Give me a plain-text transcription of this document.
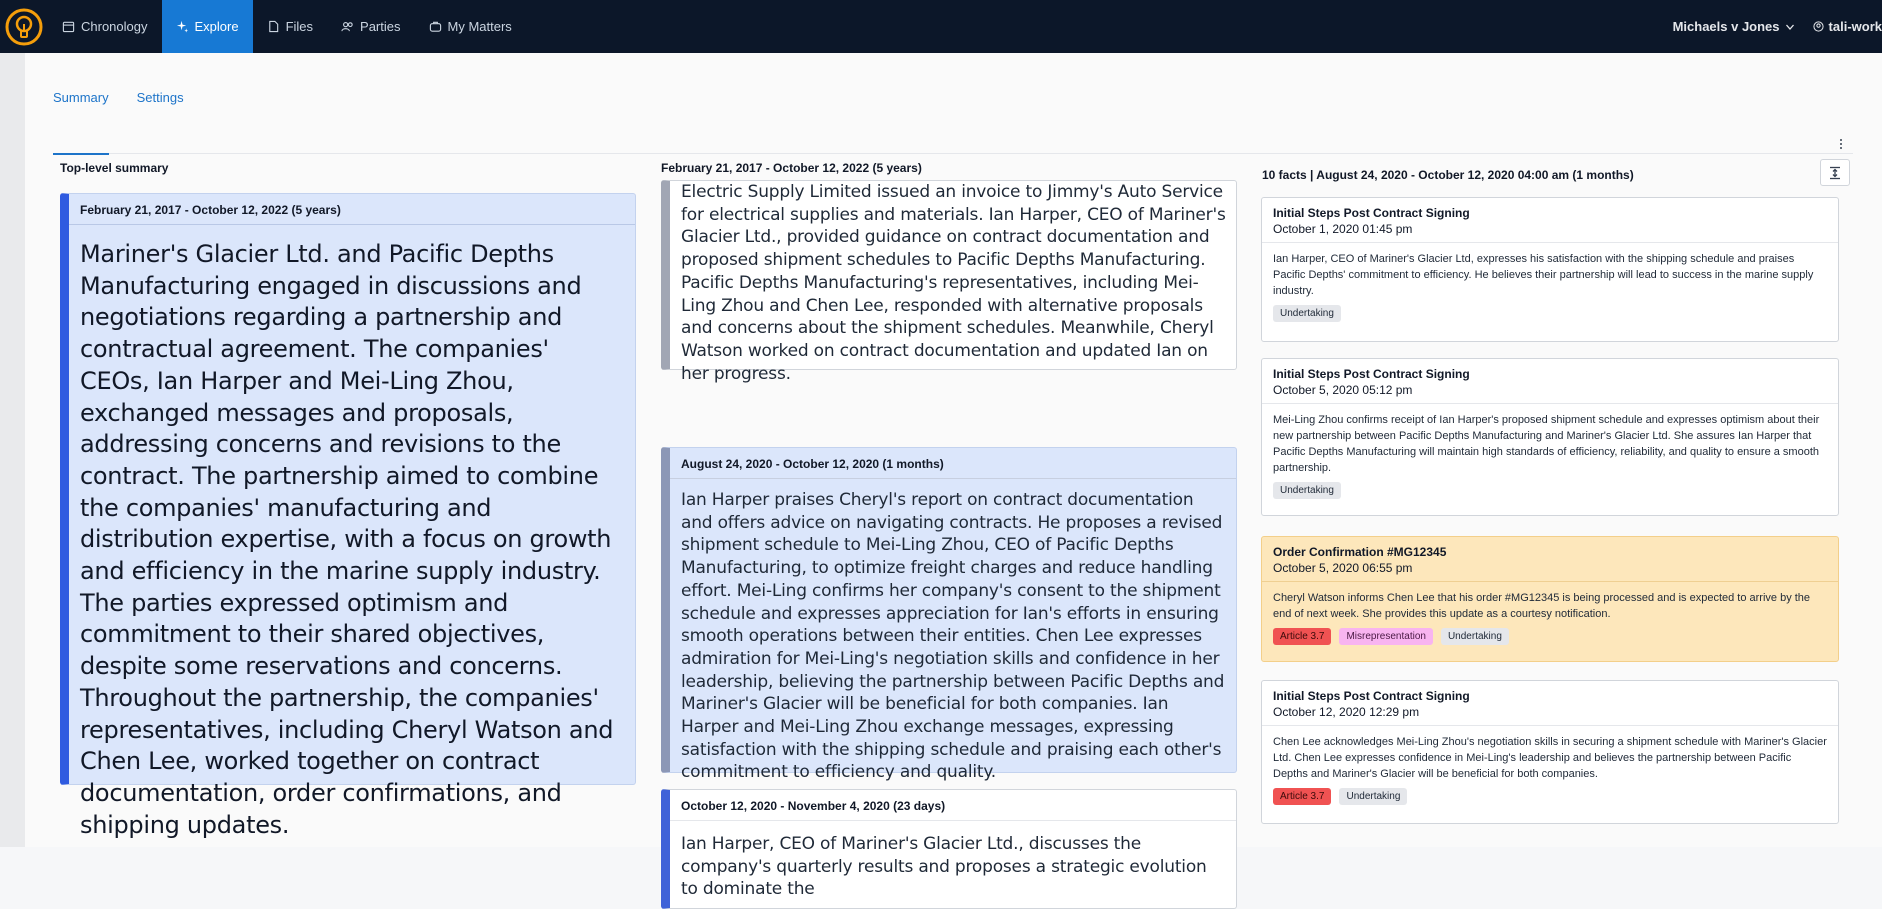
Chronology	Explore	Files	Parties	My Matters	Michaels v Jones	tali-work
Summary Settings
Top-level summary
February 21, 2017 - October 12, 2022 (5 years)
Mariner's Glacier Ltd. and Pacific Depths Manufacturing engaged in discussions and negotiations regarding a partnership and contractual agreement. The companies' CEOs, Ian Harper and Mei-Ling Zhou, exchanged messages and proposals, addressing concerns and revisions to the contract. The partnership aimed to combine the companies' manufacturing and distribution expertise, with a focus on growth and efficiency in the marine supply industry. The parties expressed optimism and commitment to their shared objectives, despite some reservations and concerns. Throughout the partnership, the companies' representatives, including Cheryl Watson and Chen Lee, worked together on contract documentation, order confirmations, and shipping updates.
February 21, 2017 - October 12, 2022 (5 years)
Electric Supply Limited issued an invoice to Jimmy's Auto Service for electrical supplies and materials. Ian Harper, CEO of Mariner's Glacier Ltd., provided guidance on contract documentation and proposed shipment schedules to Pacific Depths Manufacturing. Pacific Depths Manufacturing's representatives, including Mei-Ling Zhou and Chen Lee, responded with alternative proposals and concerns about the shipment schedules. Meanwhile, Cheryl Watson worked on contract documentation and updated Ian on her progress.
August 24, 2020 - October 12, 2020 (1 months)
Ian Harper praises Cheryl's report on contract documentation and offers advice on navigating contracts. He proposes a revised shipment schedule to Mei-Ling Zhou, CEO of Pacific Depths Manufacturing, to optimize freight charges and reduce handling effort. Mei-Ling confirms her company's consent to the shipment schedule and expresses appreciation for Ian's efforts in ensuring smooth operations between their entities. Chen Lee expresses admiration for Mei-Ling's negotiation skills and confidence in her leadership, believing the partnership between Pacific Depths and Mariner's Glacier will be beneficial for both companies. Ian Harper and Mei-Ling Zhou exchange messages, expressing satisfaction with the shipping schedule and praising each other's commitment to efficiency and quality.
October 12, 2020 - November 4, 2020 (23 days)
Ian Harper, CEO of Mariner's Glacier Ltd., discusses the company's quarterly results and proposes a strategic evolution to dominate the
10 facts | August 24, 2020 - October 12, 2020 04:00 am (1 months)
Initial Steps Post Contract Signing
October 1, 2020 01:45 pm
Ian Harper, CEO of Mariner's Glacier Ltd, expresses his satisfaction with the shipping schedule and praises Pacific Depths' commitment to efficiency. He believes their partnership will lead to success in the marine supply industry.
Undertaking
Initial Steps Post Contract Signing
October 5, 2020 05:12 pm
Mei-Ling Zhou confirms receipt of Ian Harper's proposed shipment schedule and expresses optimism about their new partnership between Pacific Depths Manufacturing and Mariner's Glacier Ltd. She assures Ian Harper that Pacific Depths Manufacturing will maintain high standards of efficiency, reliability, and quality to ensure a smooth partnership.
Undertaking
Order Confirmation #MG12345
October 5, 2020 06:55 pm
Cheryl Watson informs Chen Lee that his order #MG12345 is being processed and is expected to arrive by the end of next week. She provides this update as a courtesy notification.
Article 3.7	Misrepresentation	Undertaking
Initial Steps Post Contract Signing
October 12, 2020 12:29 pm
Chen Lee acknowledges Mei-Ling Zhou's negotiation skills in securing a shipment schedule with Mariner's Glacier Ltd. Chen Lee expresses confidence in Mei-Ling's leadership and believes the partnership between Pacific Depths and Mariner's Glacier will be beneficial for both companies.
Article 3.7	Undertaking
